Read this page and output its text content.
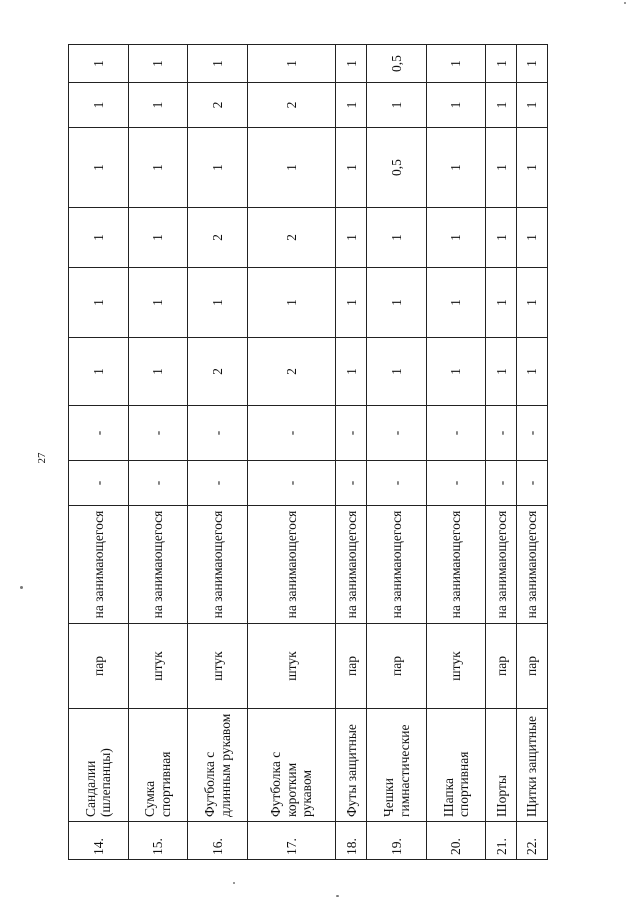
27
14.	Сандалии (шлепанцы)	пар	на занимающегося	-	-	1	1	1	1	1	1
15.	Сумка спортивная	штук	на занимающегося	-	-	1	1	1	1	1	1
16.	Футболка с длинным рукавом	штук	на занимающегося	-	-	2	1	2	1	2	1
17.	Футболка с коротким рукавом	штук	на занимающегося	-	-	2	1	2	1	2	1
18.	Футы защитные	пар	на занимающегося	-	-	1	1	1	1	1	1
19.	Чешки гимнастические	пар	на занимающегося	-	-	1	1	1	0,5	1	0,5
20.	Шапка спортивная	штук	на занимающегося	-	-	1	1	1	1	1	1
21.	Шорты	пар	на занимающегося	-	-	1	1	1	1	1	1
22.	Щитки защитные	пар	на занимающегося	-	-	1	1	1	1	1	1
